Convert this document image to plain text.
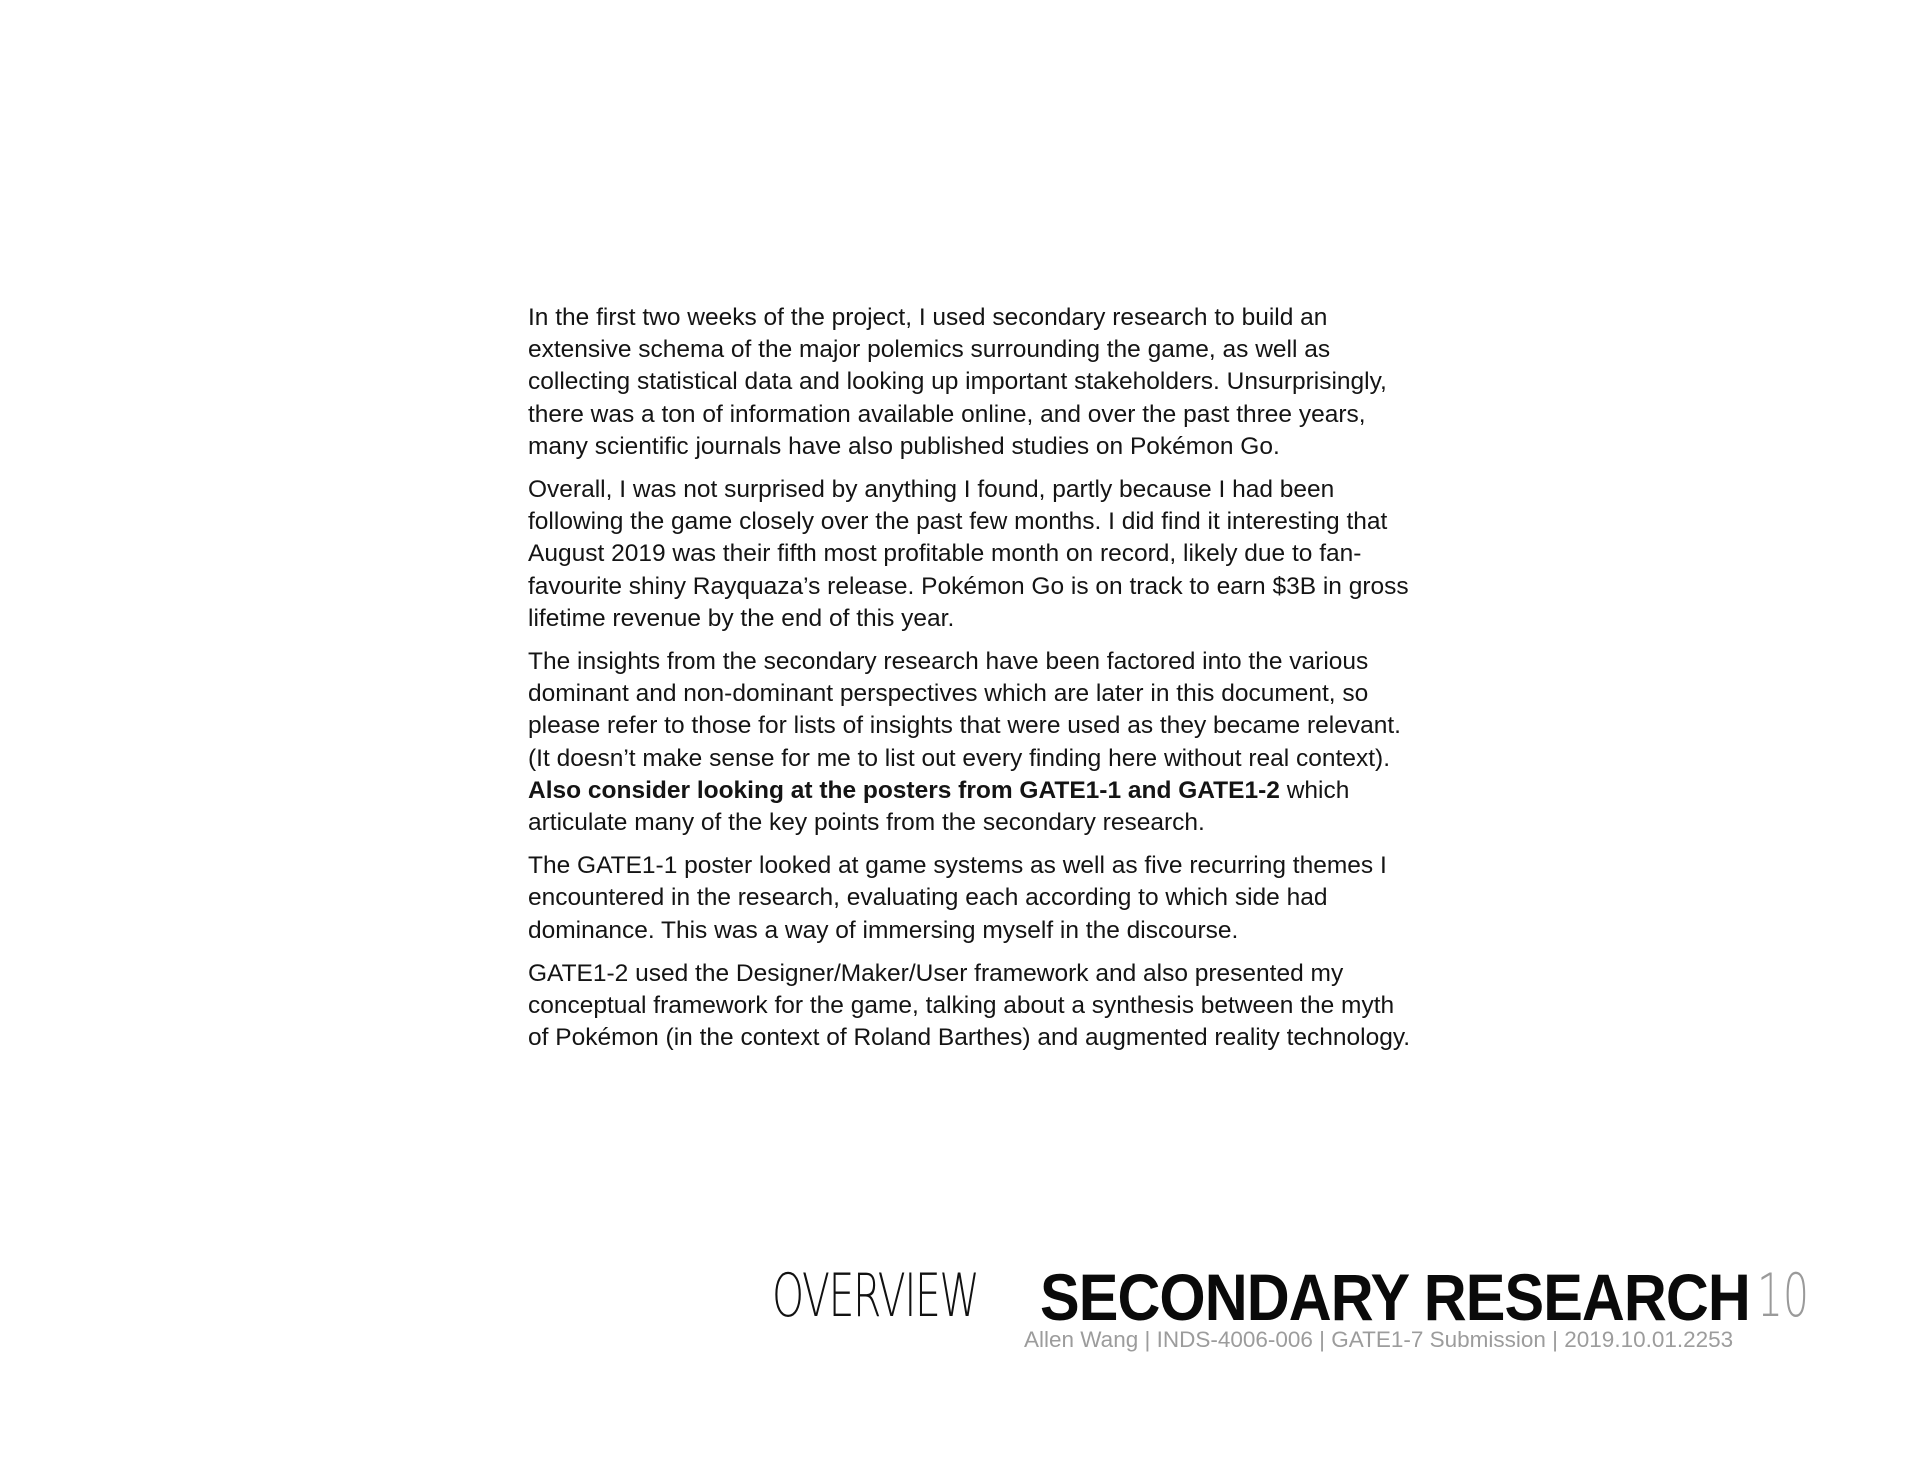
In the first two weeks of the project, I used secondary research to build an extensive schema of the major polemics surrounding the game, as well as collecting statistical data and looking up important stakeholders. Unsurprisingly, there was a ton of information available online, and over the past three years, many scientific journals have also published studies on Pokémon Go.

Overall, I was not surprised by anything I found, partly because I had been following the game closely over the past few months. I did find it interesting that August 2019 was their fifth most profitable month on record, likely due to fan-favourite shiny Rayquaza’s release. Pokémon Go is on track to earn $3B in gross lifetime revenue by the end of this year.

The insights from the secondary research have been factored into the various dominant and non-dominant perspectives which are later in this document, so please refer to those for lists of insights that were used as they became relevant. (It doesn’t make sense for me to list out every finding here without real context). Also consider looking at the posters from GATE1-1 and GATE1-2 which articulate many of the key points from the secondary research.

The GATE1-1 poster looked at game systems as well as five recurring themes I encountered in the research, evaluating each according to which side had dominance. This was a way of immersing myself in the discourse.

GATE1-2 used the Designer/Maker/User framework and also presented my conceptual framework for the game, talking about a synthesis between the myth of Pokémon (in the context of Roland Barthes) and augmented reality technology.

OVERVIEW SECONDARY RESEARCH 10
Allen Wang | INDS-4006-006 | GATE1-7 Submission | 2019.10.01.2253
